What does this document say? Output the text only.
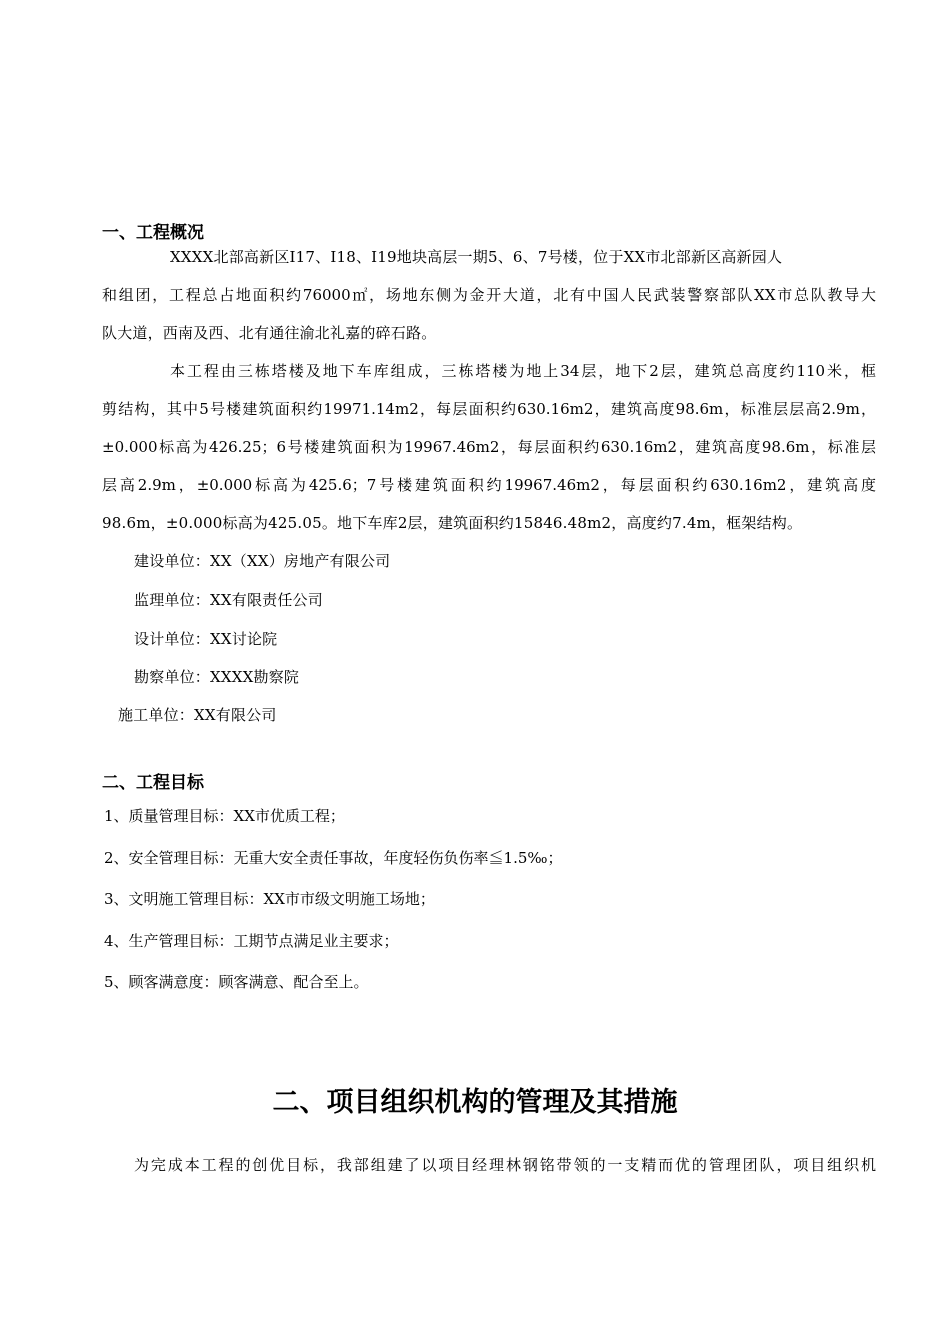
一、工程概况
XXXX北部高新区I17、I18、I19地块高层一期5、6、7号楼，位于XX市北部新区高新园人
和组团，工程总占地面积约76000㎡，场地东侧为金开大道，北有中国人民武装警察部队XX市总队教导大
队大道，西南及西、北有通往渝北礼嘉的碎石路。
本工程由三栋塔楼及地下车库组成，三栋塔楼为地上34层，地下2层，建筑总高度约110米，框
剪结构，其中5号楼建筑面积约19971.14m2，每层面积约630.16m2，建筑高度98.6m，标准层层高2.9m，
±0.000标高为426.25；6号楼建筑面积为19967.46m2，每层面积约630.16m2，建筑高度98.6m，标准层
层高2.9m，±0.000标高为425.6；7号楼建筑面积约19967.46m2，每层面积约630.16m2，建筑高度
98.6m，±0.000标高为425.05。地下车库2层，建筑面积约15846.48m2，高度约7.4m，框架结构。
建设单位：XX（XX）房地产有限公司
监理单位：XX有限责任公司
设计单位：XX讨论院
勘察单位：XXXX勘察院
施工单位：XX有限公司
二、工程目标
1、质量管理目标：XX市优质工程；
2、安全管理目标：无重大安全责任事故，年度轻伤负伤率≦1.5‰；
3、文明施工管理目标：XX市市级文明施工场地；
4、生产管理目标：工期节点满足业主要求；
5、顾客满意度：顾客满意、配合至上。
二、项目组织机构的管理及其措施
为完成本工程的创优目标，我部组建了以项目经理林钢铭带领的一支精而优的管理团队，项目组织机
